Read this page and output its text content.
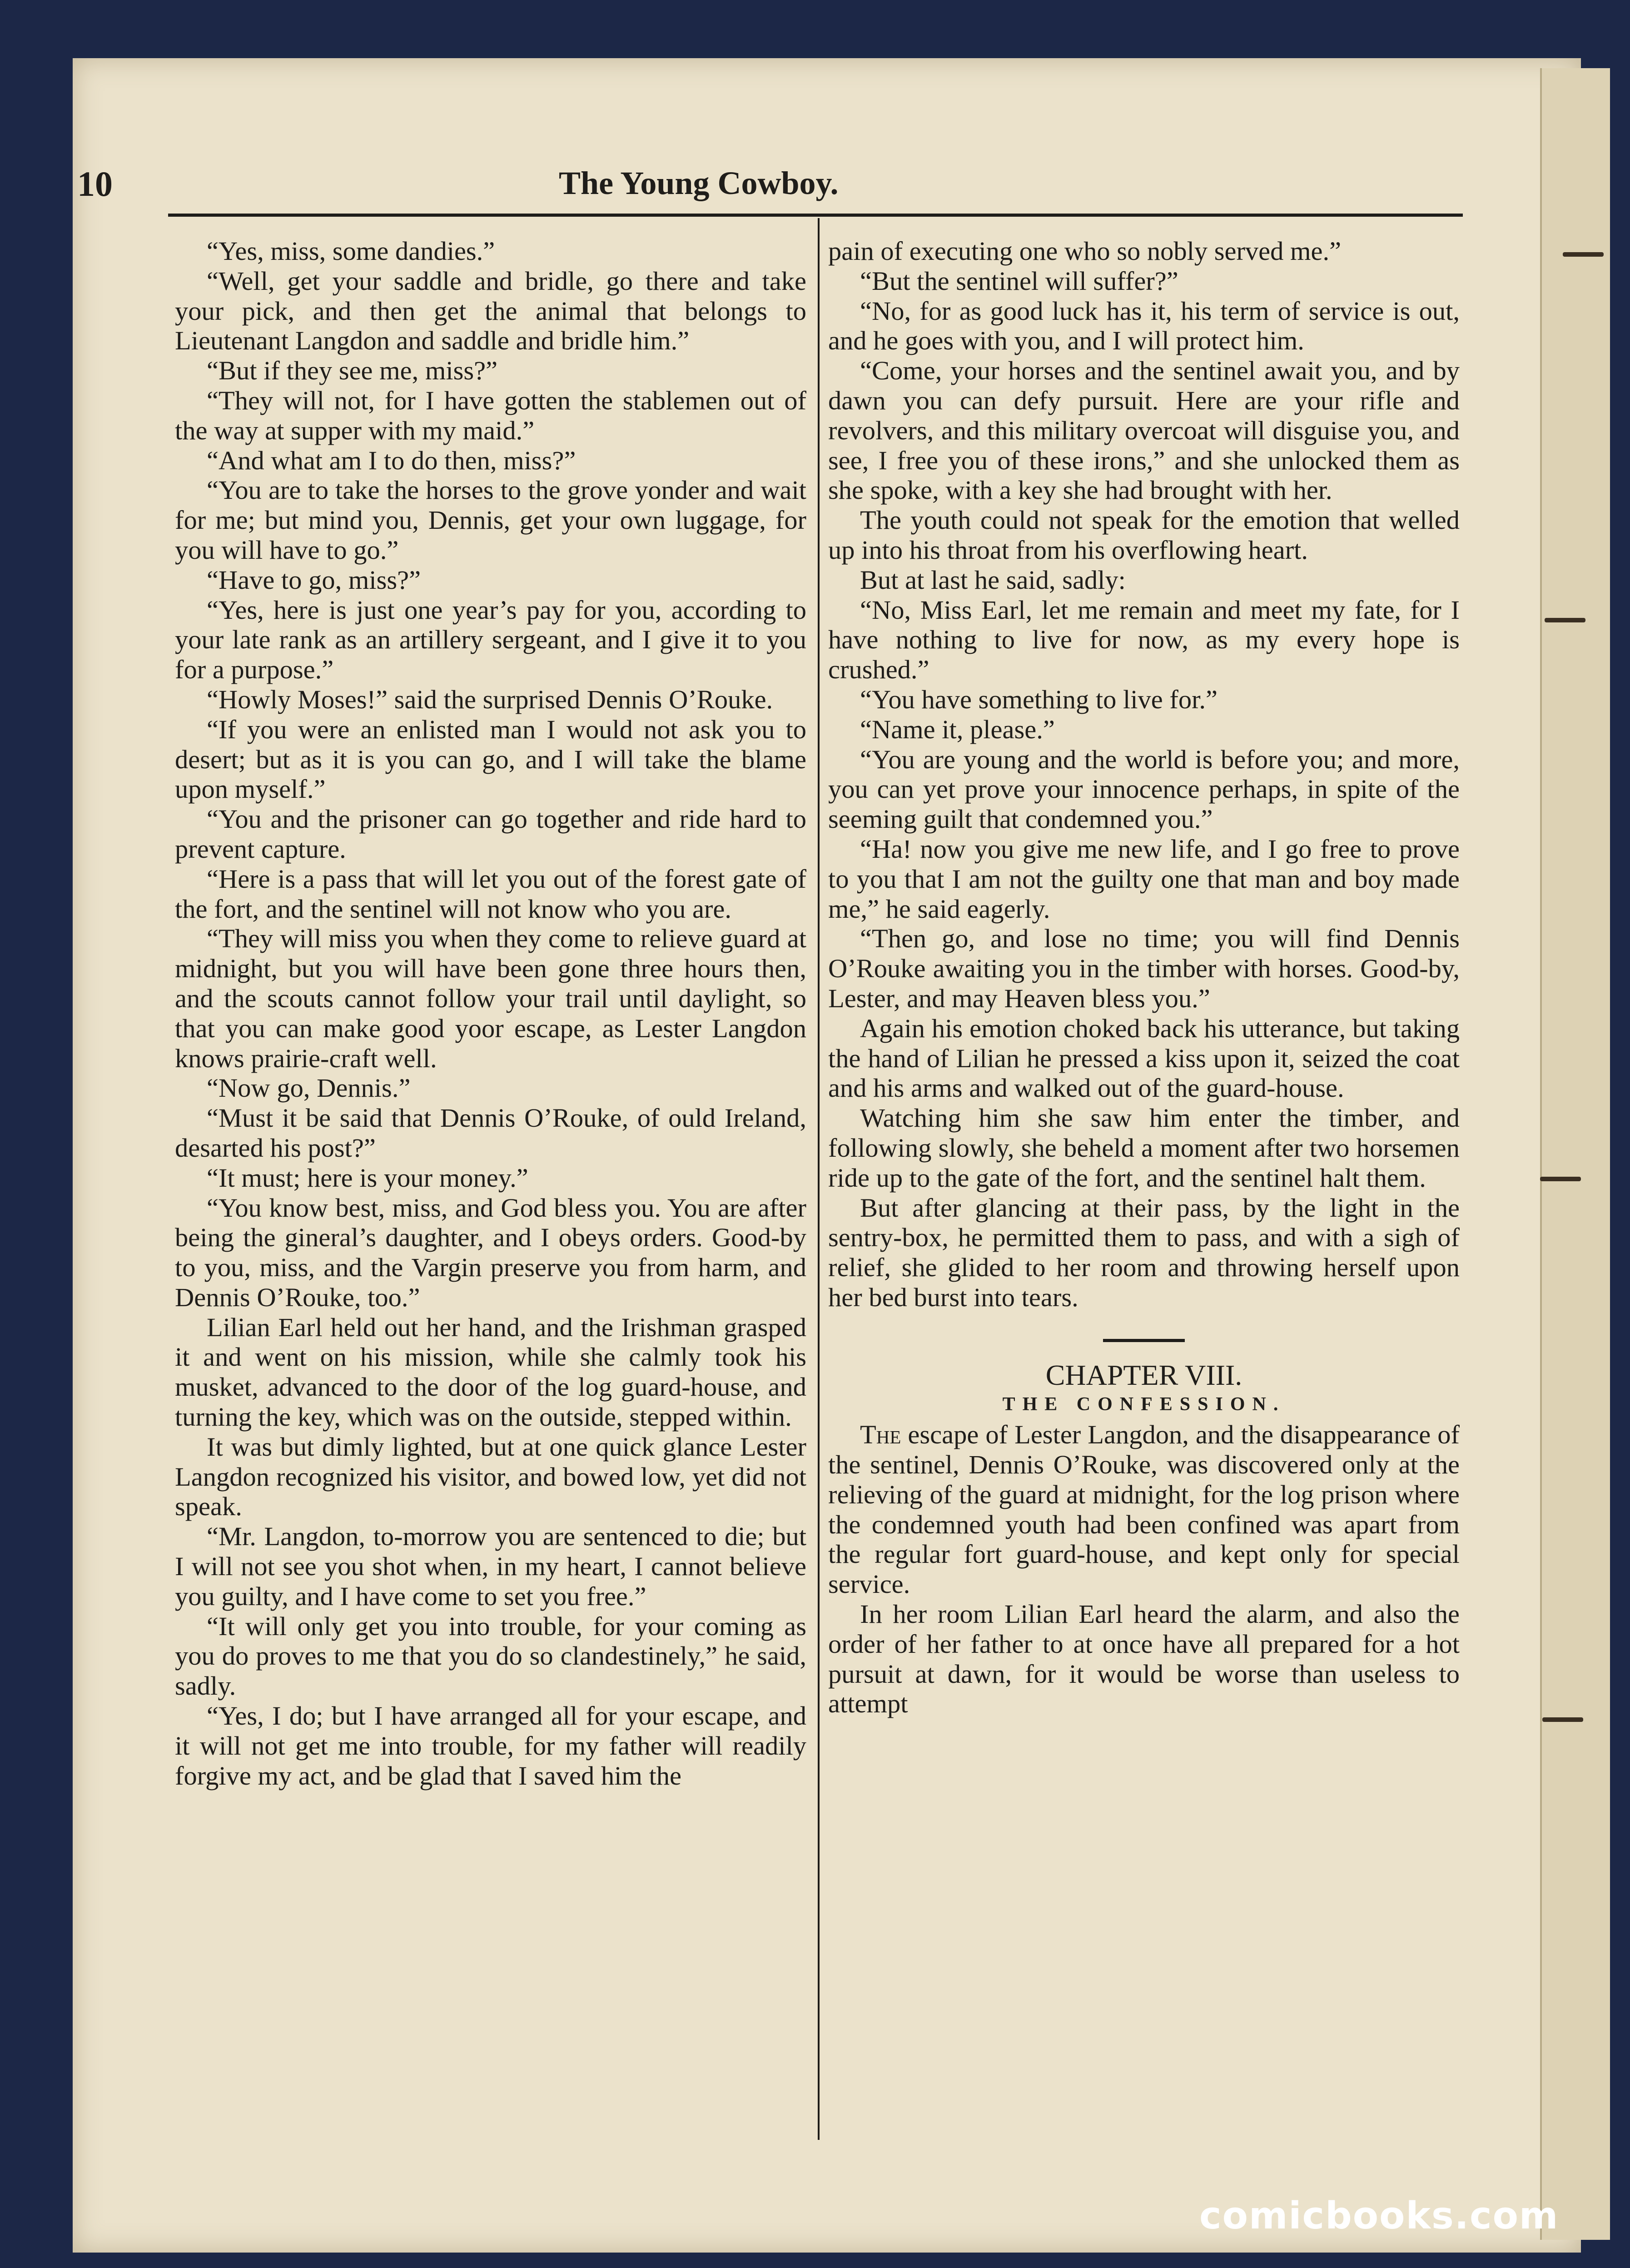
10	The Young Cowboy.

“Yes, miss, some dandies.”

“Well, get your saddle and bridle, go there and take your pick, and then get the animal that belongs to Lieutenant Langdon and saddle and bridle him.”

“But if they see me, miss?”

“They will not, for I have gotten the stablemen out of the way at supper with my maid.”

“And what am I to do then, miss?”

“You are to take the horses to the grove yonder and wait for me; but mind you, Dennis, get your own luggage, for you will have to go.”

“Have to go, miss?”

“Yes, here is just one year’s pay for you, according to your late rank as an artillery sergeant, and I give it to you for a purpose.”

“Howly Moses!” said the surprised Dennis O’Rouke.

“If you were an enlisted man I would not ask you to desert; but as it is you can go, and I will take the blame upon myself.”

“You and the prisoner can go together and ride hard to prevent capture.

“Here is a pass that will let you out of the forest gate of the fort, and the sentinel will not know who you are.

“They will miss you when they come to relieve guard at midnight, but you will have been gone three hours then, and the scouts cannot follow your trail until daylight, so that you can make good yoor escape, as Lester Langdon knows prairie-craft well.

“Now go, Dennis.”

“Must it be said that Dennis O’Rouke, of ould Ireland, desarted his post?”

“It must; here is your money.”

“You know best, miss, and God bless you. You are after being the gineral’s daughter, and I obeys orders. Good-by to you, miss, and the Vargin preserve you from harm, and Dennis O’Rouke, too.”

Lilian Earl held out her hand, and the Irishman grasped it and went on his mission, while she calmly took his musket, advanced to the door of the log guard-house, and turning the key, which was on the outside, stepped within.

It was but dimly lighted, but at one quick glance Lester Langdon recognized his visitor, and bowed low, yet did not speak.

“Mr. Langdon, to-morrow you are sentenced to die; but I will not see you shot when, in my heart, I cannot believe you guilty, and I have come to set you free.”

“It will only get you into trouble, for your coming as you do proves to me that you do so clandestinely,” he said, sadly.

“Yes, I do; but I have arranged all for your escape, and it will not get me into trouble, for my father will readily forgive my act, and be glad that I saved him the

pain of executing one who so nobly served me.”

“But the sentinel will suffer?”

“No, for as good luck has it, his term of service is out, and he goes with you, and I will protect him.

“Come, your horses and the sentinel await you, and by dawn you can defy pursuit. Here are your rifle and revolvers, and this military overcoat will disguise you, and see, I free you of these irons,” and she unlocked them as she spoke, with a key she had brought with her.

The youth could not speak for the emotion that welled up into his throat from his overflowing heart.

But at last he said, sadly:

“No, Miss Earl, let me remain and meet my fate, for I have nothing to live for now, as my every hope is crushed.”

“You have something to live for.”

“Name it, please.”

“You are young and the world is before you; and more, you can yet prove your innocence perhaps, in spite of the seeming guilt that condemned you.”

“Ha! now you give me new life, and I go free to prove to you that I am not the guilty one that man and boy made me,” he said eagerly.

“Then go, and lose no time; you will find Dennis O’Rouke awaiting you in the timber with horses. Good-by, Lester, and may Heaven bless you.”

Again his emotion choked back his utterance, but taking the hand of Lilian he pressed a kiss upon it, seized the coat and his arms and walked out of the guard-house.

Watching him she saw him enter the timber, and following slowly, she beheld a moment after two horsemen ride up to the gate of the fort, and the sentinel halt them.

But after glancing at their pass, by the light in the sentry-box, he permitted them to pass, and with a sigh of relief, she glided to her room and throwing herself upon her bed burst into tears.

CHAPTER VIII.

THE CONFESSION.

The escape of Lester Langdon, and the disappearance of the sentinel, Dennis O’Rouke, was discovered only at the relieving of the guard at midnight, for the log prison where the condemned youth had been confined was apart from the regular fort guard-house, and kept only for special service.

In her room Lilian Earl heard the alarm, and also the order of her father to at once have all prepared for a hot pursuit at dawn, for it would be worse than useless to attempt

comicbooks.com
